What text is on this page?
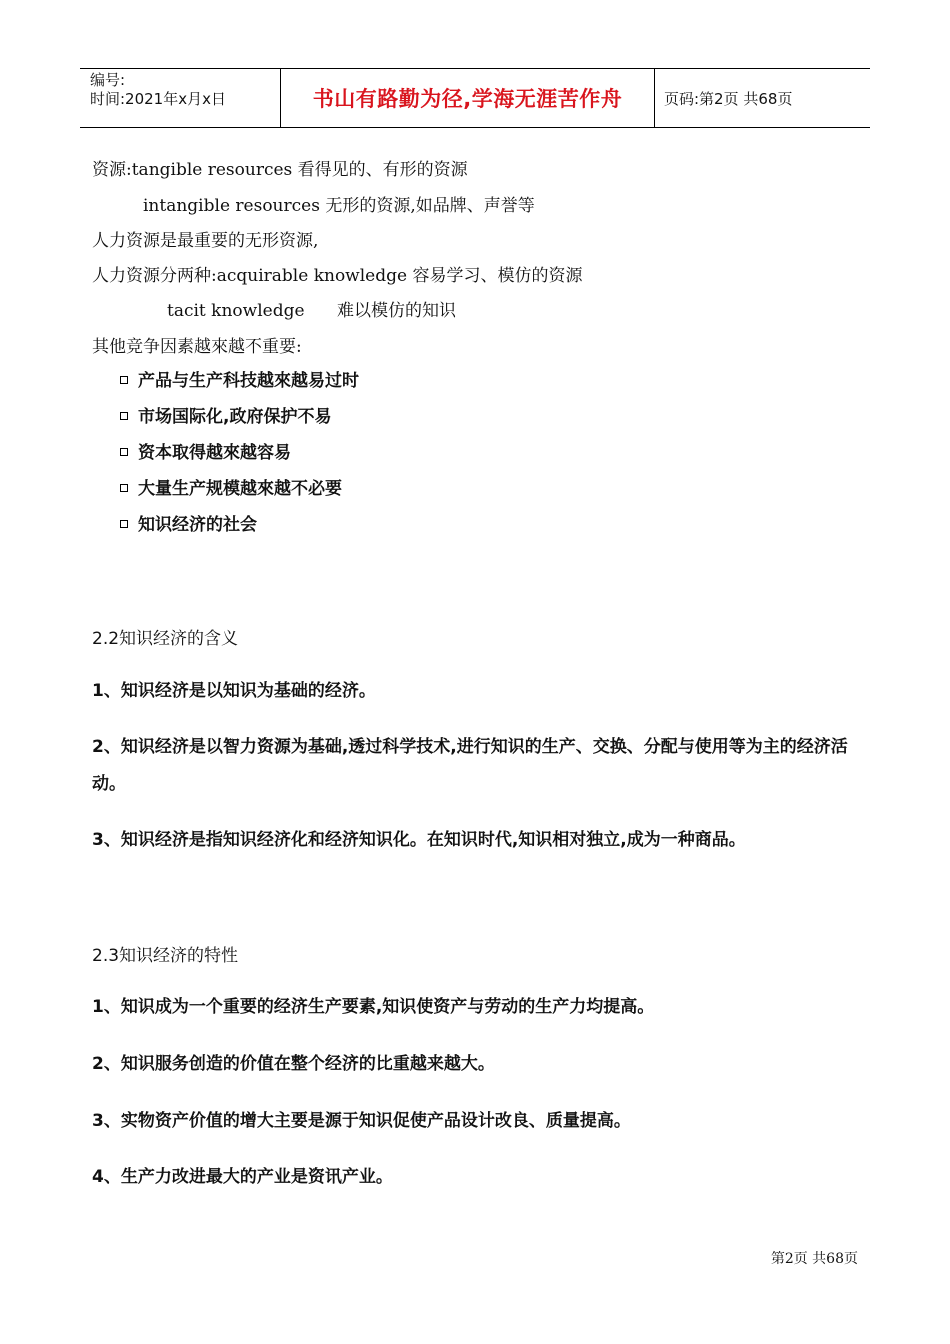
编号:
时间:2021年x月x日	书山有路勤为径,学海无涯苦作舟	页码:第2页 共68页
资源:tangible resources 看得见的、有形的资源
intangible resources 无形的资源,如品牌、声誉等
人力资源是最重要的无形资源,
人力资源分两种:acquirable knowledge 容易学习、模仿的资源
tacit knowledge      难以模仿的知识
其他竞争因素越來越不重要:
产品与生产科技越來越易过时
市场国际化,政府保护不易
资本取得越來越容易
大量生产规模越來越不必要
知识经济的社会
2.2知识经济的含义
1、知识经济是以知识为基础的经济。
2、知识经济是以智力资源为基础,透过科学技术,进行知识的生产、交换、分配与使用等为主的经济活动。
3、知识经济是指知识经济化和经济知识化。在知识时代,知识相对独立,成为一种商品。
2.3知识经济的特性
1、知识成为一个重要的经济生产要素,知识使资产与劳动的生产力均提高。
2、知识服务创造的价值在整个经济的比重越来越大。
3、实物资产价值的增大主要是源于知识促使产品设计改良、质量提高。
4、生产力改进最大的产业是资讯产业。
第2页 共68页
